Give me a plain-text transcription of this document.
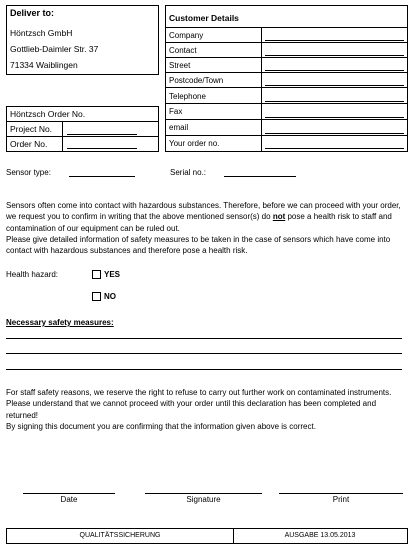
Deliver to:
Höntzsch GmbH
Gottlieb-Daimler Str. 37
71334 Waiblingen
Customer Details
Company
Contact
Street
Postcode/Town
Telephone
Fax
email
Your order no.
Höntzsch Order No.
Project No.
Order No.
Sensor type:	Serial no.:

Sensors often come into contact with hazardous substances. Therefore, before we can proceed with your order, we request you to confirm in writing that the above mentioned sensor(s) do not pose a health risk to staff and contamination of our equipment can be ruled out.

Please give detailed information of safety measures to be taken in the case of sensors which have come into contact with hazardous substances and therefore pose a health risk.

Health hazard:	YES
NO
Necessary safety measures:

For staff safety reasons, we reserve the right to refuse to carry out further work on contaminated instruments.

Please understand that we cannot proceed with your order until this declaration has been completed and returned!

By signing this document you are confirming that the information given above is correct.

Date	Signature	Print
QUALITÄTSSICHERUNG	AUSGABE 13.05.2013
